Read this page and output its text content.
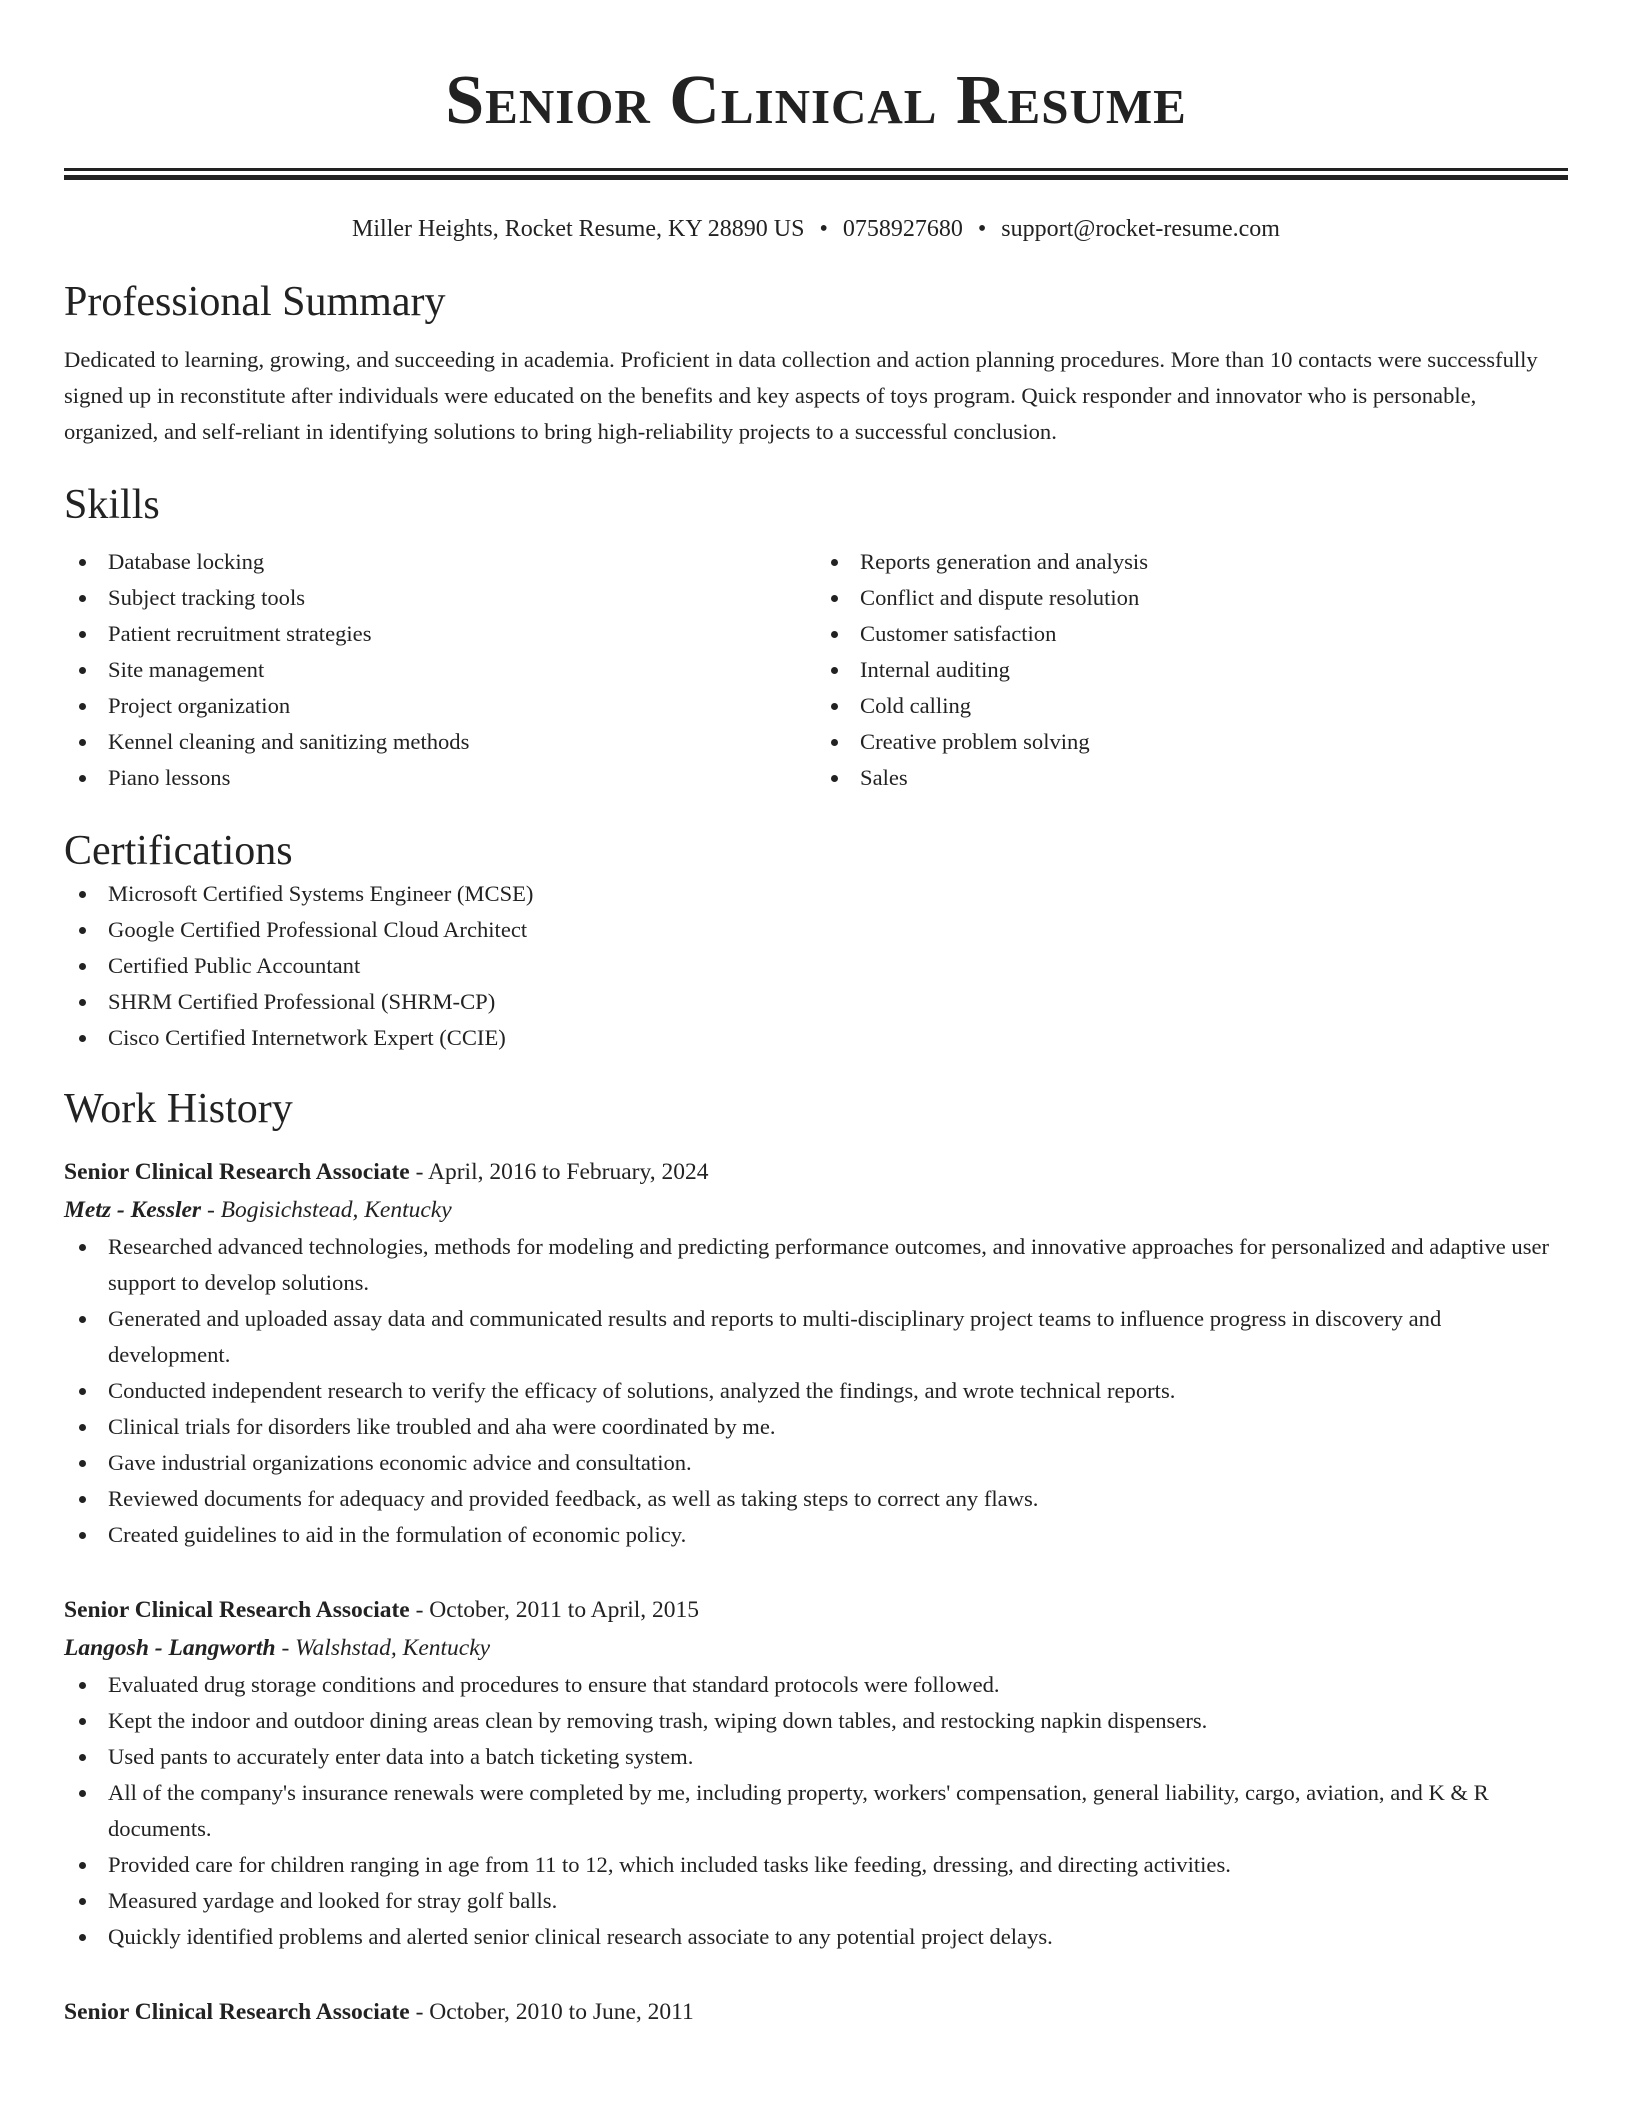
Senior Clinical Resume
Miller Heights, Rocket Resume, KY 28890 US • 0758927680 • support@rocket-resume.com
Professional Summary
Dedicated to learning, growing, and succeeding in academia. Proficient in data collection and action planning procedures. More than 10 contacts were successfully signed up in reconstitute after individuals were educated on the benefits and key aspects of toys program. Quick responder and innovator who is personable, organized, and self-reliant in identifying solutions to bring high-reliability projects to a successful conclusion.
Skills
Database locking
Subject tracking tools
Patient recruitment strategies
Site management
Project organization
Kennel cleaning and sanitizing methods
Piano lessons
Reports generation and analysis
Conflict and dispute resolution
Customer satisfaction
Internal auditing
Cold calling
Creative problem solving
Sales
Certifications
Microsoft Certified Systems Engineer (MCSE)
Google Certified Professional Cloud Architect
Certified Public Accountant
SHRM Certified Professional (SHRM-CP)
Cisco Certified Internetwork Expert (CCIE)
Work History
Senior Clinical Research Associate - April, 2016 to February, 2024
Metz - Kessler - Bogisichstead, Kentucky
Researched advanced technologies, methods for modeling and predicting performance outcomes, and innovative approaches for personalized and adaptive user support to develop solutions.
Generated and uploaded assay data and communicated results and reports to multi-disciplinary project teams to influence progress in discovery and development.
Conducted independent research to verify the efficacy of solutions, analyzed the findings, and wrote technical reports.
Clinical trials for disorders like troubled and aha were coordinated by me.
Gave industrial organizations economic advice and consultation.
Reviewed documents for adequacy and provided feedback, as well as taking steps to correct any flaws.
Created guidelines to aid in the formulation of economic policy.
Senior Clinical Research Associate - October, 2011 to April, 2015
Langosh - Langworth - Walshstad, Kentucky
Evaluated drug storage conditions and procedures to ensure that standard protocols were followed.
Kept the indoor and outdoor dining areas clean by removing trash, wiping down tables, and restocking napkin dispensers.
Used pants to accurately enter data into a batch ticketing system.
All of the company's insurance renewals were completed by me, including property, workers' compensation, general liability, cargo, aviation, and K & R documents.
Provided care for children ranging in age from 11 to 12, which included tasks like feeding, dressing, and directing activities.
Measured yardage and looked for stray golf balls.
Quickly identified problems and alerted senior clinical research associate to any potential project delays.
Senior Clinical Research Associate - October, 2010 to June, 2011
